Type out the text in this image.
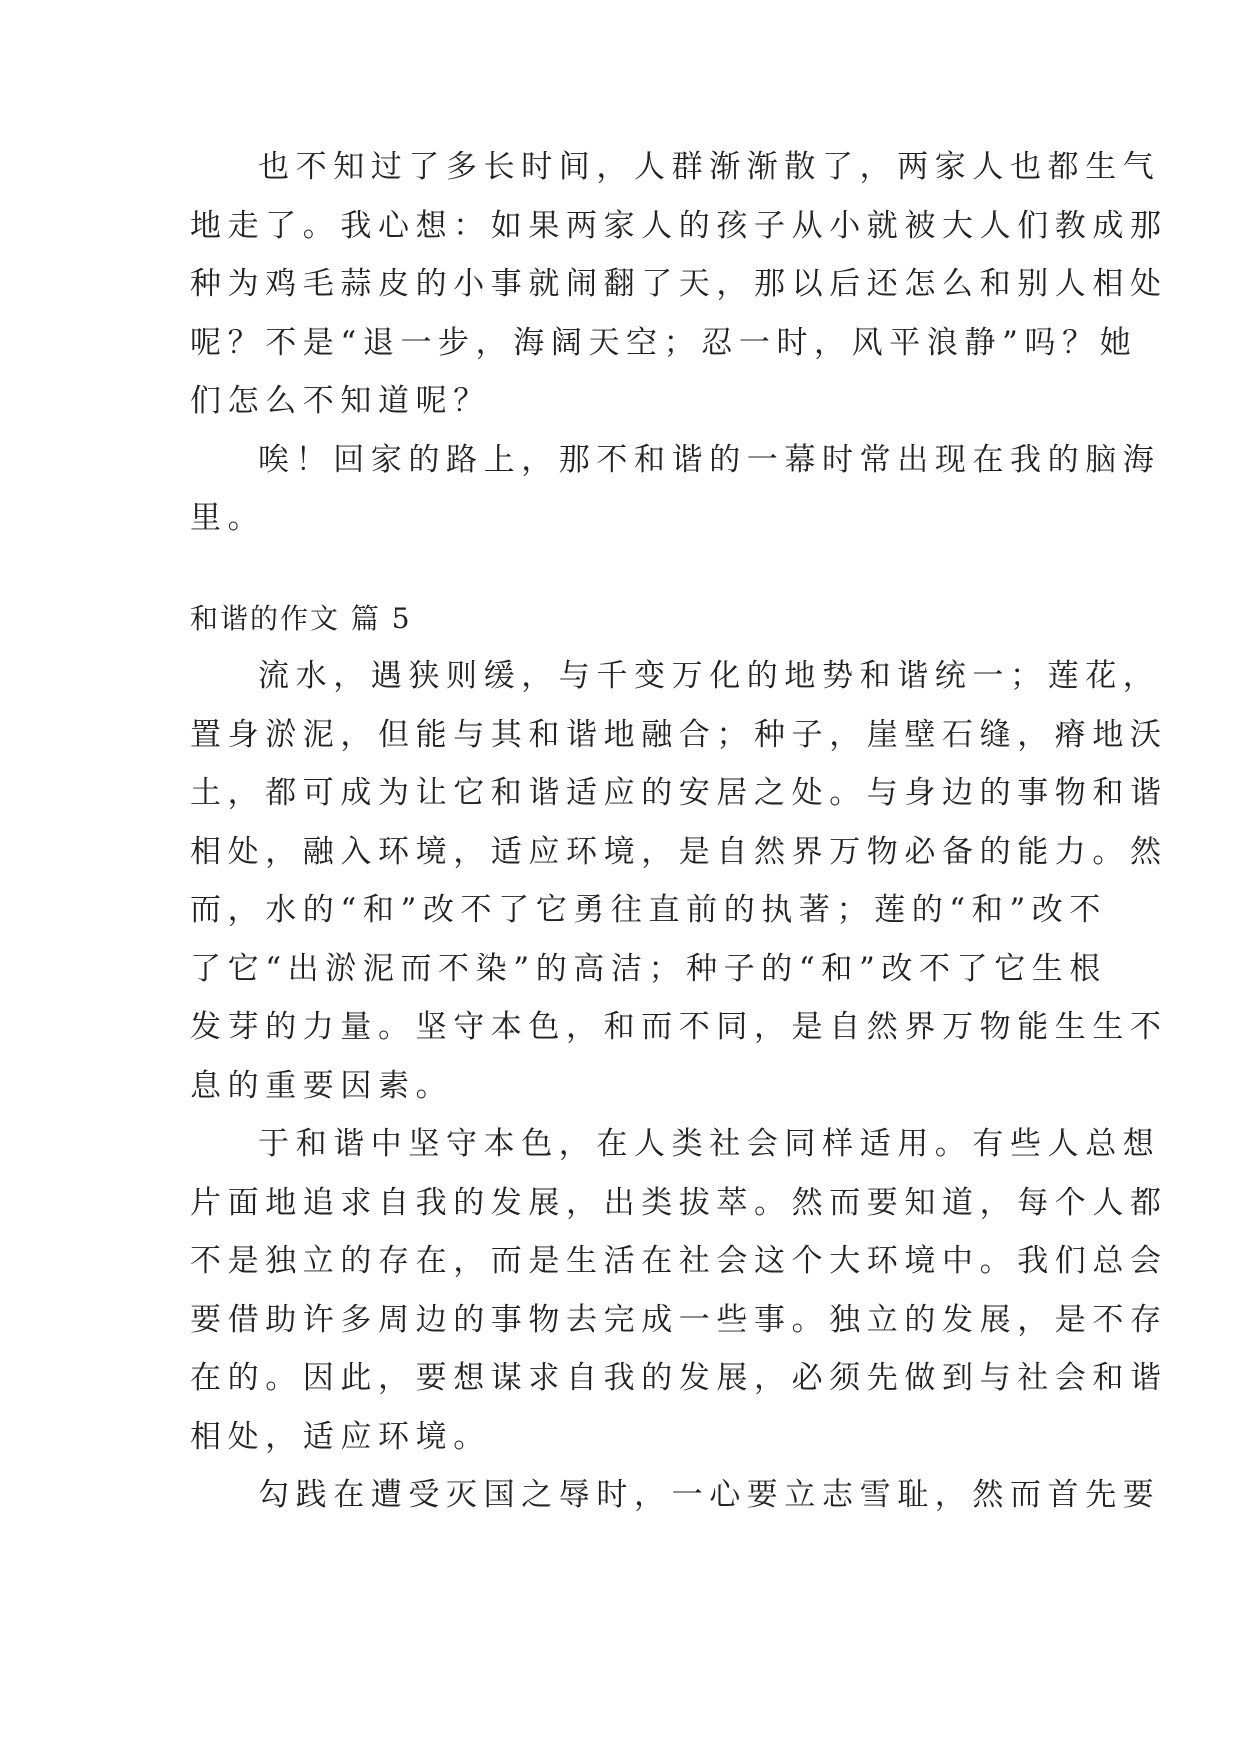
也不知过了多长时间，人群渐渐散了，两家人也都生气
地走了。我心想：如果两家人的孩子从小就被大人们教成那
种为鸡毛蒜皮的小事就闹翻了天，那以后还怎么和别人相处
呢？不是“退一步，海阔天空；忍一时，风平浪静”吗？她
们怎么不知道呢？
唉！回家的路上，那不和谐的一幕时常出现在我的脑海
里。
和谐的作文 篇 5
流水，遇狭则缓，与千变万化的地势和谐统一；莲花，
置身淤泥，但能与其和谐地融合；种子，崖壁石缝，瘠地沃
土，都可成为让它和谐适应的安居之处。与身边的事物和谐
相处，融入环境，适应环境，是自然界万物必备的能力。然
而，水的“和”改不了它勇往直前的执著；莲的“和”改不
了它“出淤泥而不染”的高洁；种子的“和”改不了它生根
发芽的力量。坚守本色，和而不同，是自然界万物能生生不
息的重要因素。
于和谐中坚守本色，在人类社会同样适用。有些人总想
片面地追求自我的发展，出类拔萃。然而要知道，每个人都
不是独立的存在，而是生活在社会这个大环境中。我们总会
要借助许多周边的事物去完成一些事。独立的发展，是不存
在的。因此，要想谋求自我的发展，必须先做到与社会和谐
相处，适应环境。
勾践在遭受灭国之辱时，一心要立志雪耻，然而首先要
